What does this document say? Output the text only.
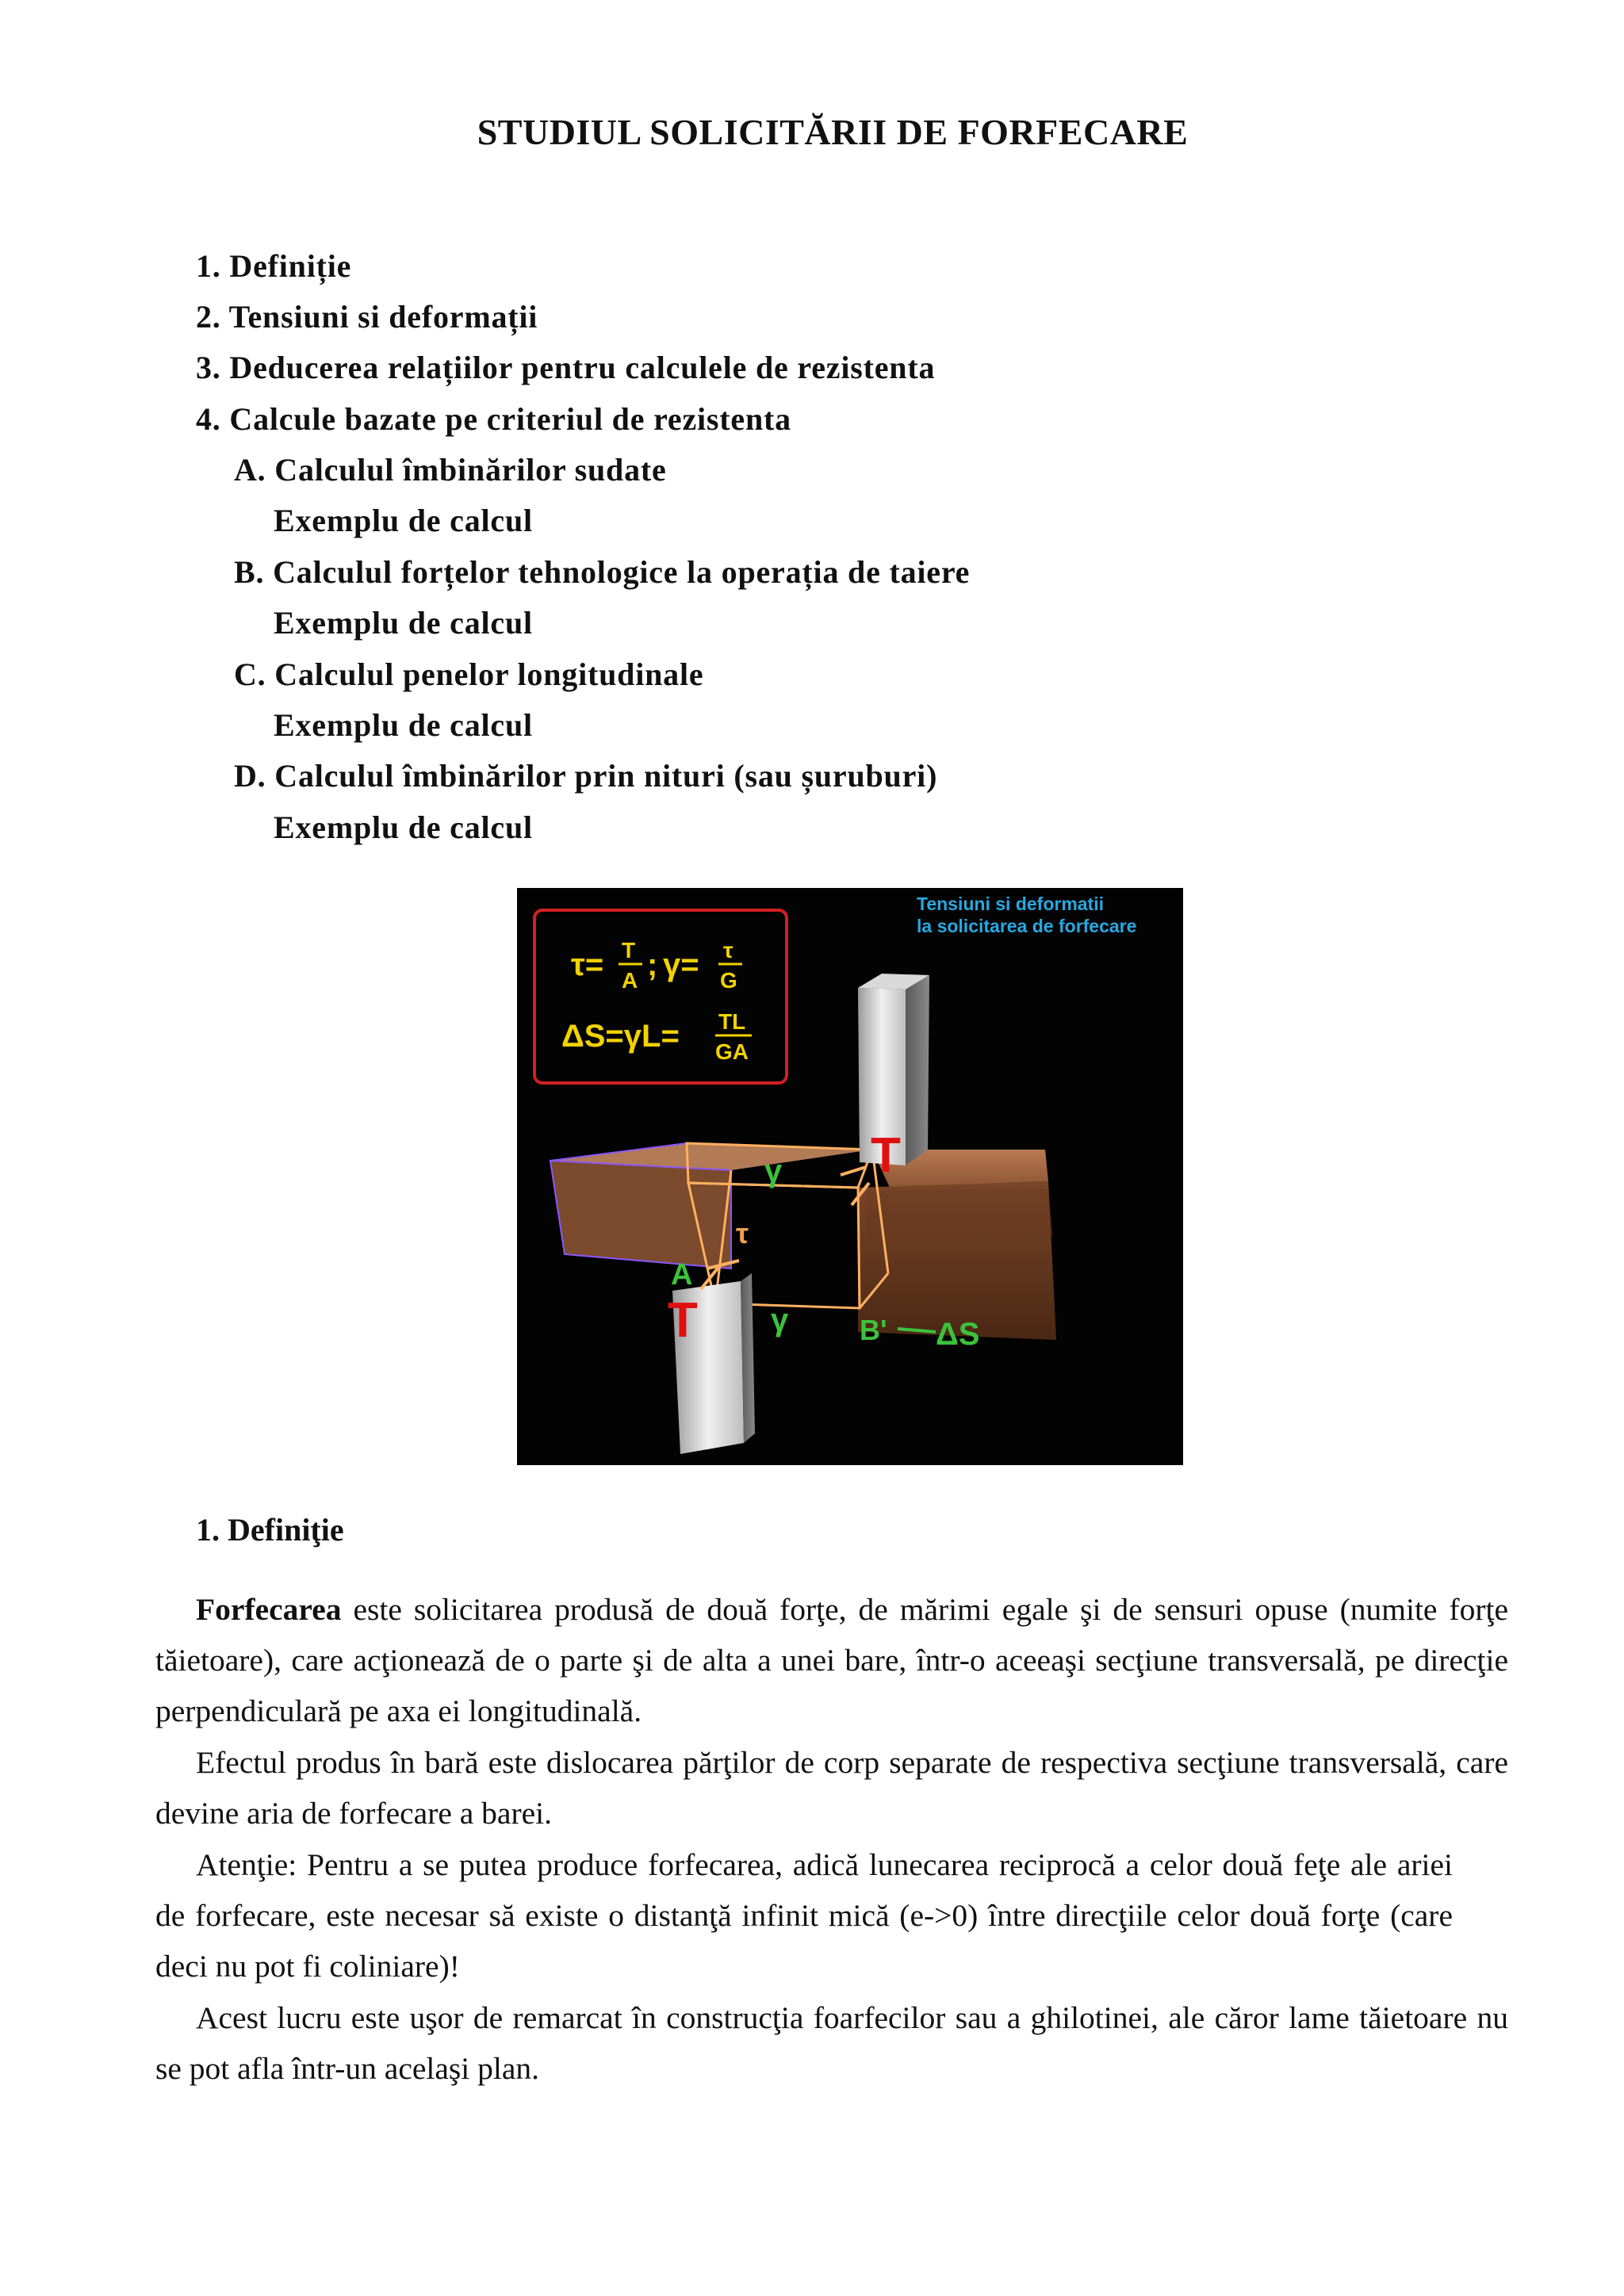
STUDIUL SOLICITĂRII DE FORFECARE
1. Definiție
2. Tensiuni si deformații
3. Deducerea relațiilor pentru calculele de rezistenta
4. Calcule bazate pe criteriul de rezistenta
A. Calculul îmbinărilor sudate
Exemplu de calcul
B. Calculul forțelor tehnologice la operația de taiere
Exemplu de calcul
C. Calculul penelor longitudinale
Exemplu de calcul
D. Calculul îmbinărilor prin nituri (sau șuruburi)
Exemplu de calcul
Tensiuni si deformatii
la solicitarea de forfecare
τ= T
A ; γ= τ
G
ΔS=γL= TL
GA
T
T
γ
γ
τ
A
B' ΔS
1. Definiţie

Forfecarea este solicitarea produsă de două forţe, de mărimi egale şi de sensuri opuse (numite forţe tăietoare), care acţionează de o parte şi de alta a unei bare, într-o aceeaşi secţiune transversală, pe direcţie perpendiculară pe axa ei longitudinală.

Efectul produs în bară este dislocarea părţilor de corp separate de respectiva secţiune transversală, care devine aria de forfecare a barei.

Atenţie: Pentru a se putea produce forfecarea, adică lunecarea reciprocă a celor două feţe ale ariei de forfecare, este necesar să existe o distanţă infinit mică (e->0) între direcţiile celor două forţe (care deci nu pot fi coliniare)!

Acest lucru este uşor de remarcat în construcţia foarfecilor sau a ghilotinei, ale căror lame tăietoare nu se pot afla într-un acelaşi plan.
